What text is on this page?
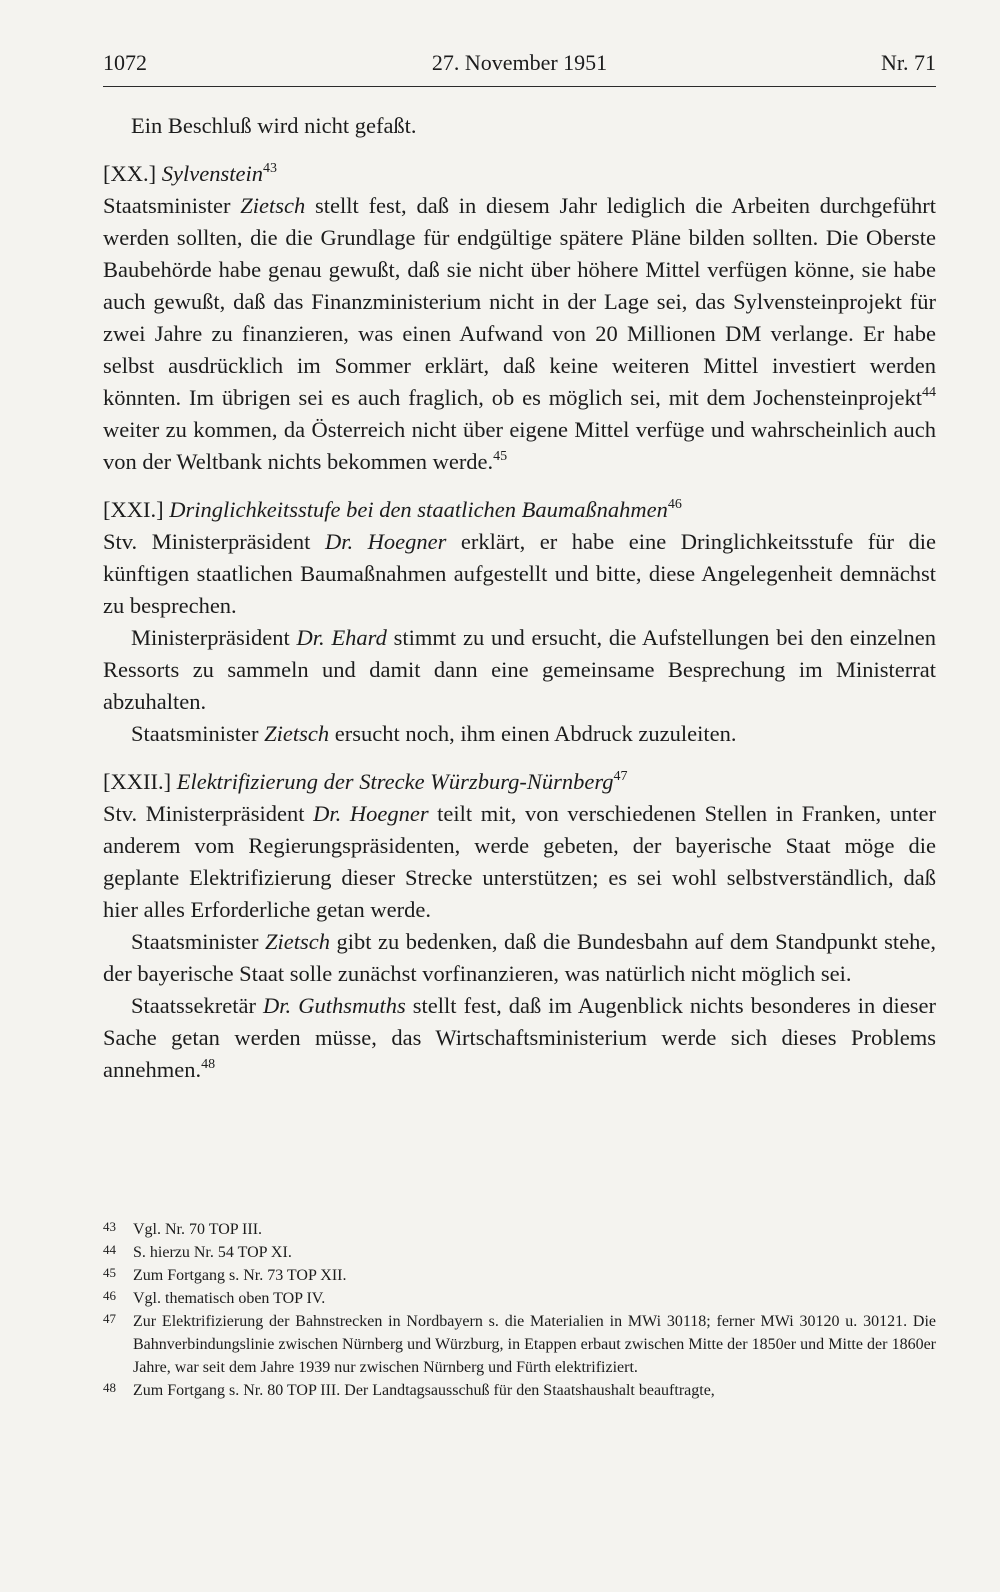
1072	27. November 1951	Nr. 71

Ein Beschluß wird nicht gefaßt.

[XX.] Sylvenstein$^{43}$

Staatsminister Zietsch stellt fest, daß in diesem Jahr lediglich die Arbeiten durchgeführt werden sollten, die die Grundlage für endgültige spätere Pläne bilden sollten. Die Oberste Baubehörde habe genau gewußt, daß sie nicht über höhere Mittel verfügen könne, sie habe auch gewußt, daß das Finanzministerium nicht in der Lage sei, das Sylvensteinprojekt für zwei Jahre zu finanzieren, was einen Aufwand von 20 Millionen DM verlange. Er habe selbst ausdrücklich im Sommer erklärt, daß keine weiteren Mittel investiert werden könnten. Im übrigen sei es auch fraglich, ob es möglich sei, mit dem Jochensteinprojekt$^{44}$ weiter zu kommen, da Österreich nicht über eigene Mittel verfüge und wahrscheinlich auch von der Weltbank nichts bekommen werde.$^{45}$

[XXI.] Dringlichkeitsstufe bei den staatlichen Baumaßnahmen$^{46}$

Stv. Ministerpräsident Dr. Hoegner erklärt, er habe eine Dringlichkeitsstufe für die künftigen staatlichen Baumaßnahmen aufgestellt und bitte, diese Angelegenheit demnächst zu besprechen.

Ministerpräsident Dr. Ehard stimmt zu und ersucht, die Aufstellungen bei den einzelnen Ressorts zu sammeln und damit dann eine gemeinsame Besprechung im Ministerrat abzuhalten.

Staatsminister Zietsch ersucht noch, ihm einen Abdruck zuzuleiten.

[XXII.] Elektrifizierung der Strecke Würzburg-Nürnberg$^{47}$

Stv. Ministerpräsident Dr. Hoegner teilt mit, von verschiedenen Stellen in Franken, unter anderem vom Regierungspräsidenten, werde gebeten, der bayerische Staat möge die geplante Elektrifizierung dieser Strecke unterstützen; es sei wohl selbstverständlich, daß hier alles Erforderliche getan werde.

Staatsminister Zietsch gibt zu bedenken, daß die Bundesbahn auf dem Standpunkt stehe, der bayerische Staat solle zunächst vorfinanzieren, was natürlich nicht möglich sei.

Staatssekretär Dr. Guthsmuths stellt fest, daß im Augenblick nichts besonderes in dieser Sache getan werden müsse, das Wirtschaftsministerium werde sich dieses Problems annehmen.$^{48}$

43 Vgl. Nr. 70 TOP III.
44 S. hierzu Nr. 54 TOP XI.
45 Zum Fortgang s. Nr. 73 TOP XII.
46 Vgl. thematisch oben TOP IV.
47 Zur Elektrifizierung der Bahnstrecken in Nordbayern s. die Materialien in MWi 30118; ferner MWi 30120 u. 30121. Die Bahnverbindungslinie zwischen Nürnberg und Würzburg, in Etappen erbaut zwischen Mitte der 1850er und Mitte der 1860er Jahre, war seit dem Jahre 1939 nur zwischen Nürnberg und Fürth elektrifiziert.
48 Zum Fortgang s. Nr. 80 TOP III. Der Landtagsausschuß für den Staatshaushalt beauftragte,
